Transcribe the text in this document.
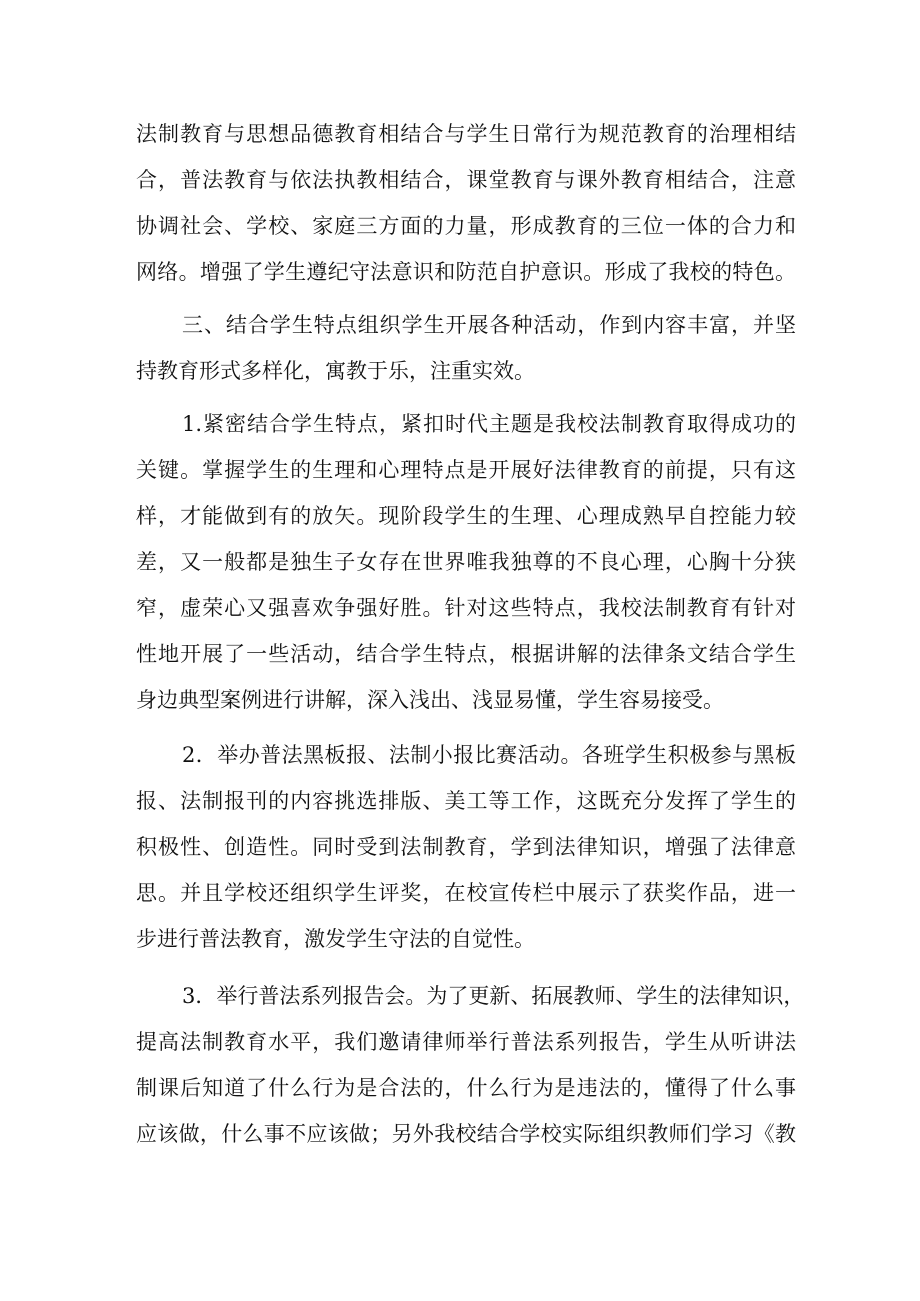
法制教育与思想品德教育相结合与学生日常行为规范教育的治理相结
合，普法教育与依法执教相结合，课堂教育与课外教育相结合，注意
协调社会、学校、家庭三方面的力量，形成教育的三位一体的合力和
网络。增强了学生遵纪守法意识和防范自护意识。形成了我校的特色。
三、结合学生特点组织学生开展各种活动，作到内容丰富，并坚
持教育形式多样化，寓教于乐，注重实效。
1.紧密结合学生特点，紧扣时代主题是我校法制教育取得成功的
关键。掌握学生的生理和心理特点是开展好法律教育的前提，只有这
样，才能做到有的放矢。现阶段学生的生理、心理成熟早自控能力较
差，又一般都是独生子女存在世界唯我独尊的不良心理，心胸十分狭
窄，虚荣心又强喜欢争强好胜。针对这些特点，我校法制教育有针对
性地开展了一些活动，结合学生特点，根据讲解的法律条文结合学生
身边典型案例进行讲解，深入浅出、浅显易懂，学生容易接受。
2．举办普法黑板报、法制小报比赛活动。各班学生积极参与黑板
报、法制报刊的内容挑选排版、美工等工作，这既充分发挥了学生的
积极性、创造性。同时受到法制教育，学到法律知识，增强了法律意
思。并且学校还组织学生评奖，在校宣传栏中展示了获奖作品，进一
步进行普法教育，激发学生守法的自觉性。
3．举行普法系列报告会。为了更新、拓展教师、学生的法律知识，
提高法制教育水平，我们邀请律师举行普法系列报告，学生从听讲法
制课后知道了什么行为是合法的，什么行为是违法的，懂得了什么事
应该做，什么事不应该做；另外我校结合学校实际组织教师们学习《教
